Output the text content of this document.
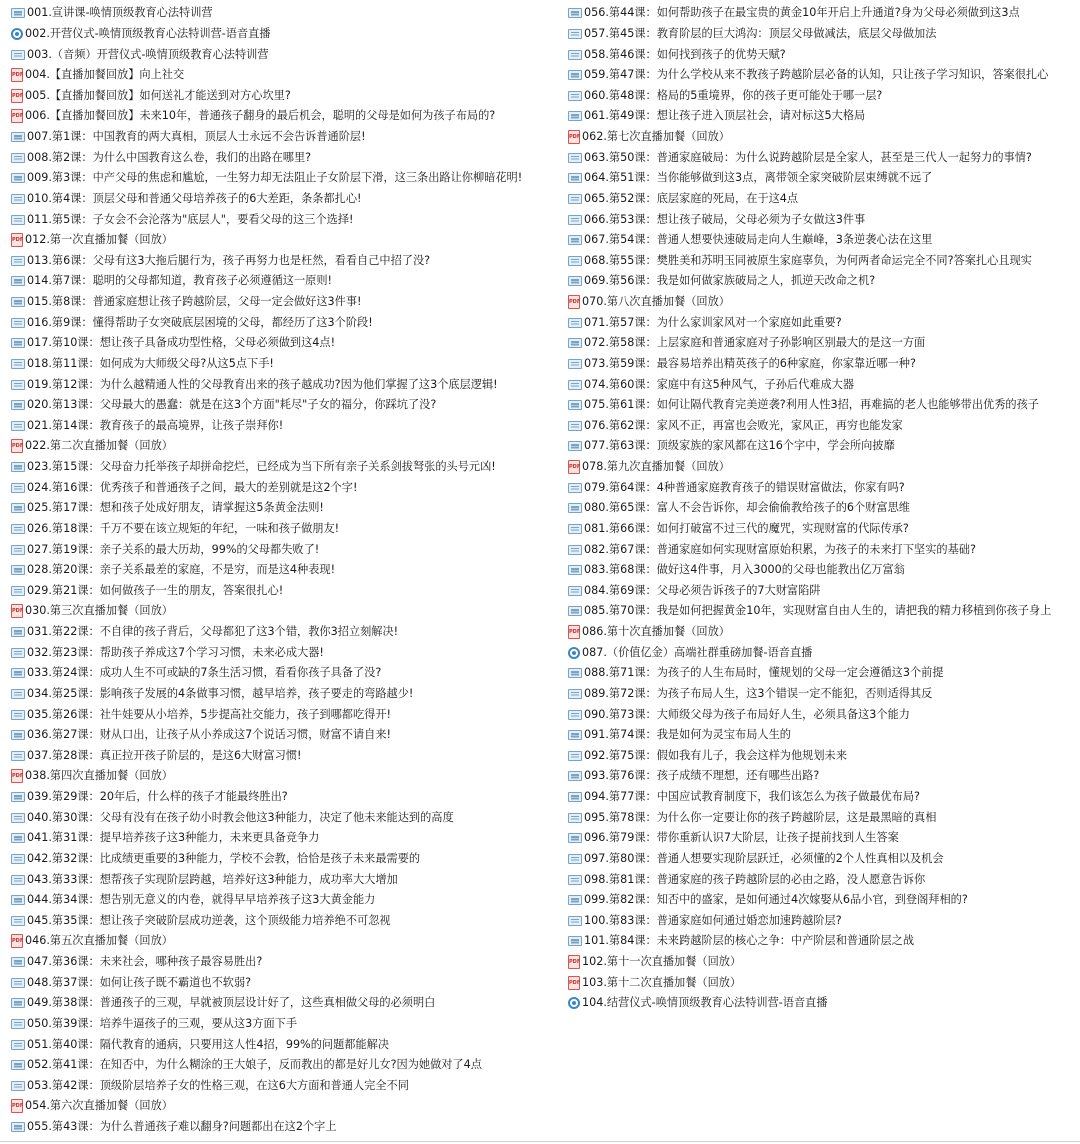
001.宣讲课-唤情顶级教育心法特训营
002.开营仪式-唤情顶级教育心法特训营-语音直播
003.（音频）开营仪式-唤情顶级教育心法特训营
PDF
004.【直播加餐回放】向上社交
PDF
005.【直播加餐回放】如何送礼才能送到对方心坎里?
PDF
006.【直播加餐回放】未来10年，普通孩子翻身的最后机会，聪明的父母是如何为孩子布局的?
007.第1课：中国教育的两大真相，顶层人士永远不会告诉普通阶层!
008.第2课：为什么中国教育这么卷，我们的出路在哪里?
009.第3课：中产父母的焦虑和尴尬，一生努力却无法阻止子女阶层下滑，这三条出路让你柳暗花明!
010.第4课：顶层父母和普通父母培养孩子的6大差距，条条都扎心!
011.第5课：子女会不会沦落为"底层人"，要看父母的这三个选择!
PDF
012.第一次直播加餐（回放）
013.第6课：父母有这3大拖后腿行为，孩子再努力也是枉然，看看自己中招了没?
014.第7课：聪明的父母都知道，教育孩子必须遵循这一原则!
015.第8课：普通家庭想让孩子跨越阶层，父母一定会做好这3件事!
016.第9课：懂得帮助子女突破底层困境的父母，都经历了这3个阶段!
017.第10课：想让孩子具备成功型性格，父母必须做到这4点!
018.第11课：如何成为大师级父母?从这5点下手!
019.第12课：为什么越精通人性的父母教育出来的孩子越成功?因为他们掌握了这3个底层逻辑!
020.第13课：父母最大的愚蠢：就是在这3个方面"耗尽"子女的福分，你踩坑了没?
021.第14课：教育孩子的最高境界，让孩子崇拜你!
PDF
022.第二次直播加餐（回放）
023.第15课：父母奋力托举孩子却拼命挖烂，已经成为当下所有亲子关系剑拔弩张的头号元凶!
024.第16课：优秀孩子和普通孩子之间，最大的差别就是这2个字!
025.第17课：想和孩子处成好朋友，请掌握这5条黄金法则!
026.第18课：千万不要在该立规矩的年纪，一味和孩子做朋友!
027.第19课：亲子关系的最大历劫，99%的父母都失败了!
028.第20课：亲子关系最差的家庭，不是穷，而是这4种表现!
029.第21课：如何做孩子一生的朋友，答案很扎心!
PDF
030.第三次直播加餐（回放）
031.第22课：不自律的孩子背后，父母都犯了这3个错，教你3招立刻解决!
032.第23课：帮助孩子养成这7个学习习惯，未来必成大器!
033.第24课：成功人生不可或缺的7条生活习惯，看看你孩子具备了没?
034.第25课：影响孩子发展的4条做事习惯，越早培养，孩子要走的弯路越少!
035.第26课：社牛娃要从小培养，5步提高社交能力，孩子到哪都吃得开!
036.第27课：财从口出，让孩子从小养成这7个说话习惯，财富不请自来!
037.第28课：真正拉开孩子阶层的，是这6大财富习惯!
PDF
038.第四次直播加餐（回放）
039.第29课：20年后，什么样的孩子才能最终胜出?
040.第30课：父母有没有在孩子幼小时教会他这3种能力，决定了他未来能达到的高度
041.第31课：提早培养孩子这3种能力，未来更具备竞争力
042.第32课：比成绩更重要的3种能力，学校不会教，恰恰是孩子未来最需要的
043.第33课：想帮孩子实现阶层跨越，培养好这3种能力，成功率大大增加
044.第34课：想告别无意义的内卷，就得早早培养孩子这3大黄金能力
045.第35课：想让孩子突破阶层成功逆袭，这个顶级能力培养绝不可忽视
PDF
046.第五次直播加餐（回放）
047.第36课：未来社会，哪种孩子最容易胜出?
048.第37课：如何让孩子既不霸道也不软弱?
049.第38课：普通孩子的三观，早就被顶层设计好了，这些真相做父母的必须明白
050.第39课：培养牛逼孩子的三观，要从这3方面下手
051.第40课：隔代教育的通病，只要用这人性4招，99%的问题都能解决
052.第41课：在知否中，为什么糊涂的王大娘子，反而教出的都是好儿女?因为她做对了4点
053.第42课：顶级阶层培养子女的性格三观，在这6大方面和普通人完全不同
PDF
054.第六次直播加餐（回放）
055.第43课：为什么普通孩子难以翻身?问题都出在这2个字上
056.第44课：如何帮助孩子在最宝贵的黄金10年开启上升通道?身为父母必须做到这3点
057.第45课：教育阶层的巨大鸿沟：顶层父母做减法，底层父母做加法
058.第46课：如何找到孩子的优势天赋?
059.第47课：为什么学校从来不教孩子跨越阶层必备的认知，只让孩子学习知识，答案很扎心
060.第48课：格局的5重境界，你的孩子更可能处于哪一层?
061.第49课：想让孩子进入顶层社会，请对标这5大格局
PDF
062.第七次直播加餐（回放）
063.第50课：普通家庭破局：为什么说跨越阶层是全家人，甚至是三代人一起努力的事情?
064.第51课：当你能够做到这3点，离带领全家突破阶层束缚就不远了
065.第52课：底层家庭的死局，在于这4点
066.第53课：想让孩子破局，父母必须为子女做这3件事
067.第54课：普通人想要快速破局走向人生巅峰，3条逆袭心法在这里
068.第55课：樊胜美和苏明玉同被原生家庭辜负，为何两者命运完全不同?答案扎心且现实
069.第56课：我是如何做家族破局之人，抓逆天改命之机?
PDF
070.第八次直播加餐（回放）
071.第57课：为什么家训家风对一个家庭如此重要?
072.第58课：上层家庭和普通家庭对子孙影响区别最大的是这一方面
073.第59课：最容易培养出精英孩子的6种家庭，你家靠近哪一种?
074.第60课：家庭中有这5种风气，子孙后代难成大器
075.第61课：如何让隔代教育完美逆袭?利用人性3招，再难搞的老人也能够带出优秀的孩子
076.第62课：家风不正，再富也会败光，家风正，再穷也能发家
077.第63课：顶级家族的家风都在这16个字中，学会所向披靡
PDF
078.第九次直播加餐（回放）
079.第64课：4种普通家庭教育孩子的错误财富做法，你家有吗?
080.第65课：富人不会告诉你，却会偷偷教给孩子的6个财富思维
081.第66课：如何打破富不过三代的魔咒，实现财富的代际传承?
082.第67课：普通家庭如何实现财富原始积累，为孩子的未来打下坚实的基础?
083.第68课：做好这4件事，月入3000的父母也能教出亿万富翁
084.第69课：父母必须告诉孩子的7大财富陷阱
085.第70课：我是如何把握黄金10年，实现财富自由人生的，请把我的精力移植到你孩子身上
PDF
086.第十次直播加餐（回放）
087.（价值亿金）高端社群重磅加餐-语音直播
088.第71课：为孩子的人生布局时，懂规划的父母一定会遵循这3个前提
089.第72课：为孩子布局人生，这3个错误一定不能犯，否则适得其反
090.第73课：大师级父母为孩子布局好人生，必须具备这3个能力
091.第74课：我是如何为灵宝布局人生的
092.第75课：假如我有儿子，我会这样为他规划未来
093.第76课：孩子成绩不理想，还有哪些出路?
094.第77课：中国应试教育制度下，我们该怎么为孩子做最优布局?
095.第78课：为什么你一定要让你的孩子跨越阶层，这是最黑暗的真相
096.第79课：带你重新认识7大阶层，让孩子提前找到人生答案
097.第80课：普通人想要实现阶层跃迁，必须懂的2个人性真相以及机会
098.第81课：普通家庭的孩子跨越阶层的必由之路，没人愿意告诉你
099.第82课：知否中的盛家，是如何通过4次嫁娶从6品小官，到登阁拜相的?
100.第83课：普通家庭如何通过婚恋加速跨越阶层?
101.第84课：未来跨越阶层的核心之争：中产阶层和普通阶层之战
PDF
102.第十一次直播加餐（回放）
PDF
103.第十二次直播加餐（回放）
104.结营仪式-唤情顶级教育心法特训营-语音直播
